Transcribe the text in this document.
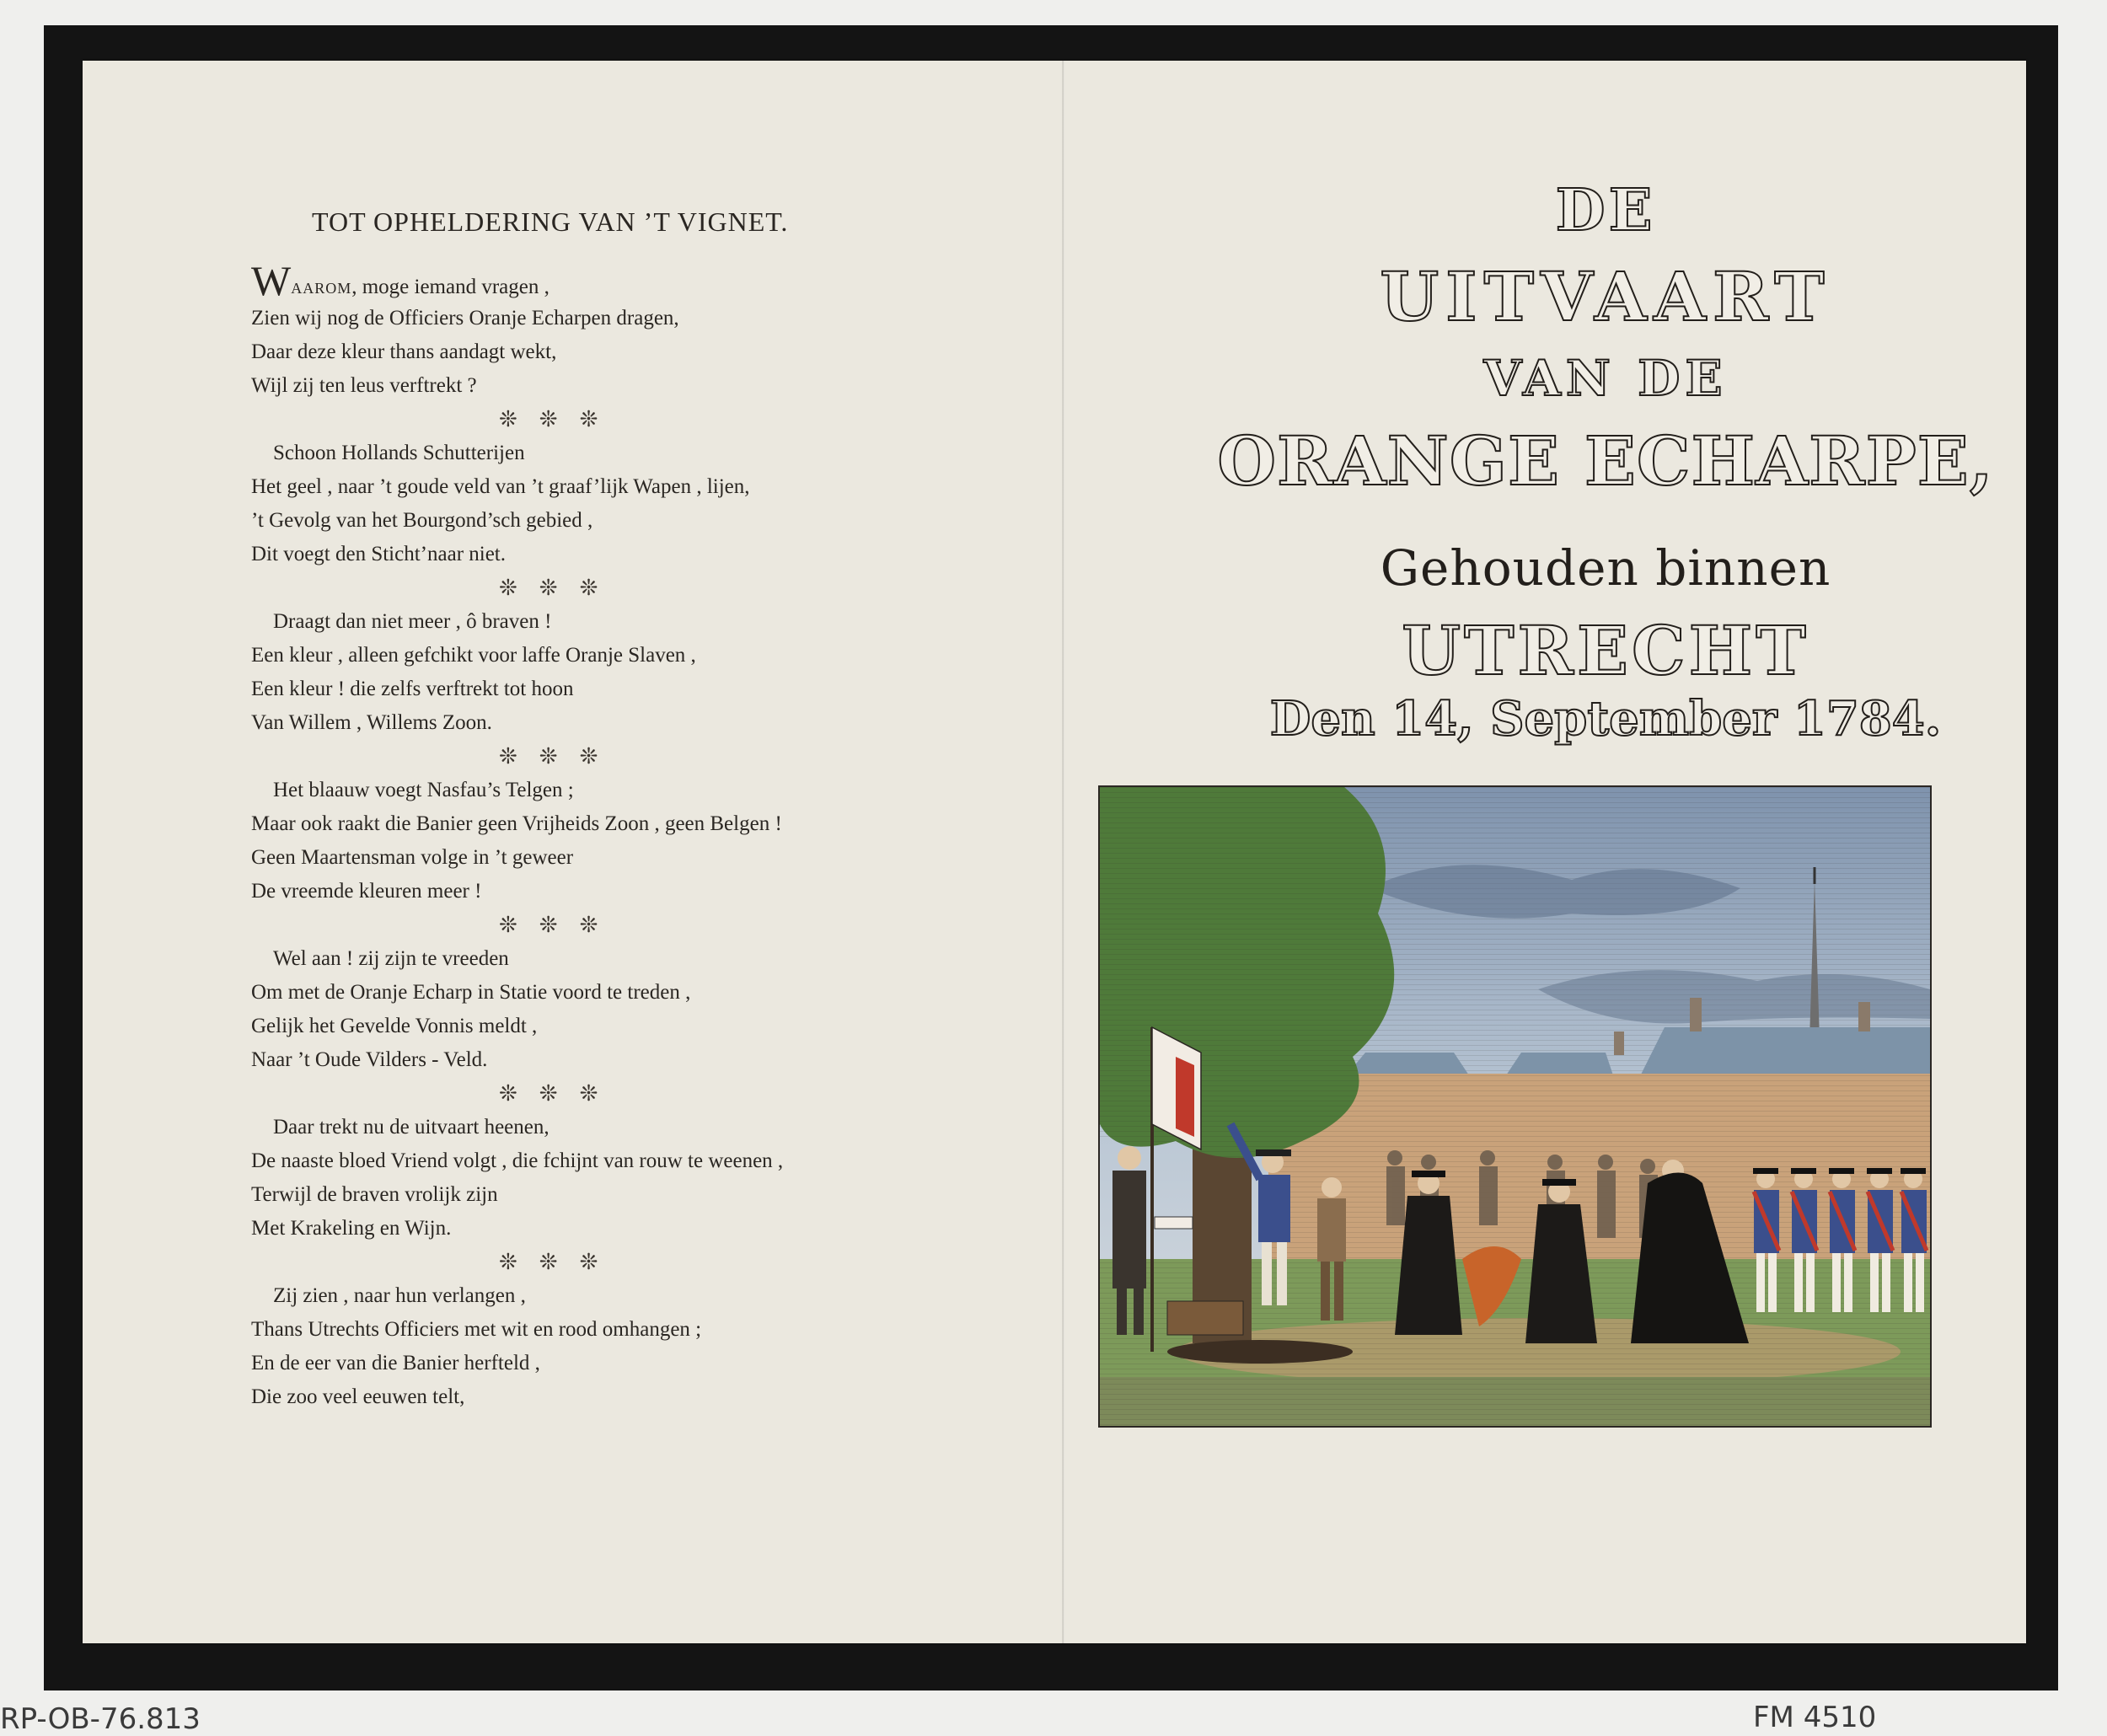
TOT OPHELDERING VAN ’T VIGNET.
WAAROM, moge iemand vragen ,
Zien wij nog de Officiers Oranje Echarpen dragen,
Daar deze kleur thans aandagt wekt,
Wijl zij ten leus verftrekt ?
❊❊❊
Schoon Hollands Schutterijen
Het geel , naar ’t goude veld van ’t graaf’lijk Wapen , lijen,
’t Gevolg van het Bourgond’sch gebied ,
Dit voegt den Sticht’naar niet.
❊❊❊
Draagt dan niet meer , ô braven !
Een kleur , alleen gefchikt voor laffe Oranje Slaven ,
Een kleur ! die zelfs verftrekt tot hoon
Van Willem , Willems Zoon.
❊❊❊
Het blaauw voegt Nasfau’s Telgen ;
Maar ook raakt die Banier geen Vrijheids Zoon , geen Belgen !
Geen Maartensman volge in ’t geweer
De vreemde kleuren meer !
❊❊❊
Wel aan ! zij zijn te vreeden
Om met de Oranje Echarp in Statie voord te treden ,
Gelijk het Gevelde Vonnis meldt ,
Naar ’t Oude Vilders - Veld.
❊❊❊
Daar trekt nu de uitvaart heenen,
De naaste bloed Vriend volgt , die fchijnt van rouw te weenen ,
Terwijl de braven vrolijk zijn
Met Krakeling en Wijn.
❊❊❊
Zij zien , naar hun verlangen ,
Thans Utrechts Officiers met wit en rood omhangen ;
En de eer van die Banier herfteld ,
Die zoo veel eeuwen telt,
DE
UITVAART
VAN DE
ORANGE ECHARPE,
Gehouden binnen
UTRECHT
Den 14, September 1784.
RP-OB-76.813	FM 4510
